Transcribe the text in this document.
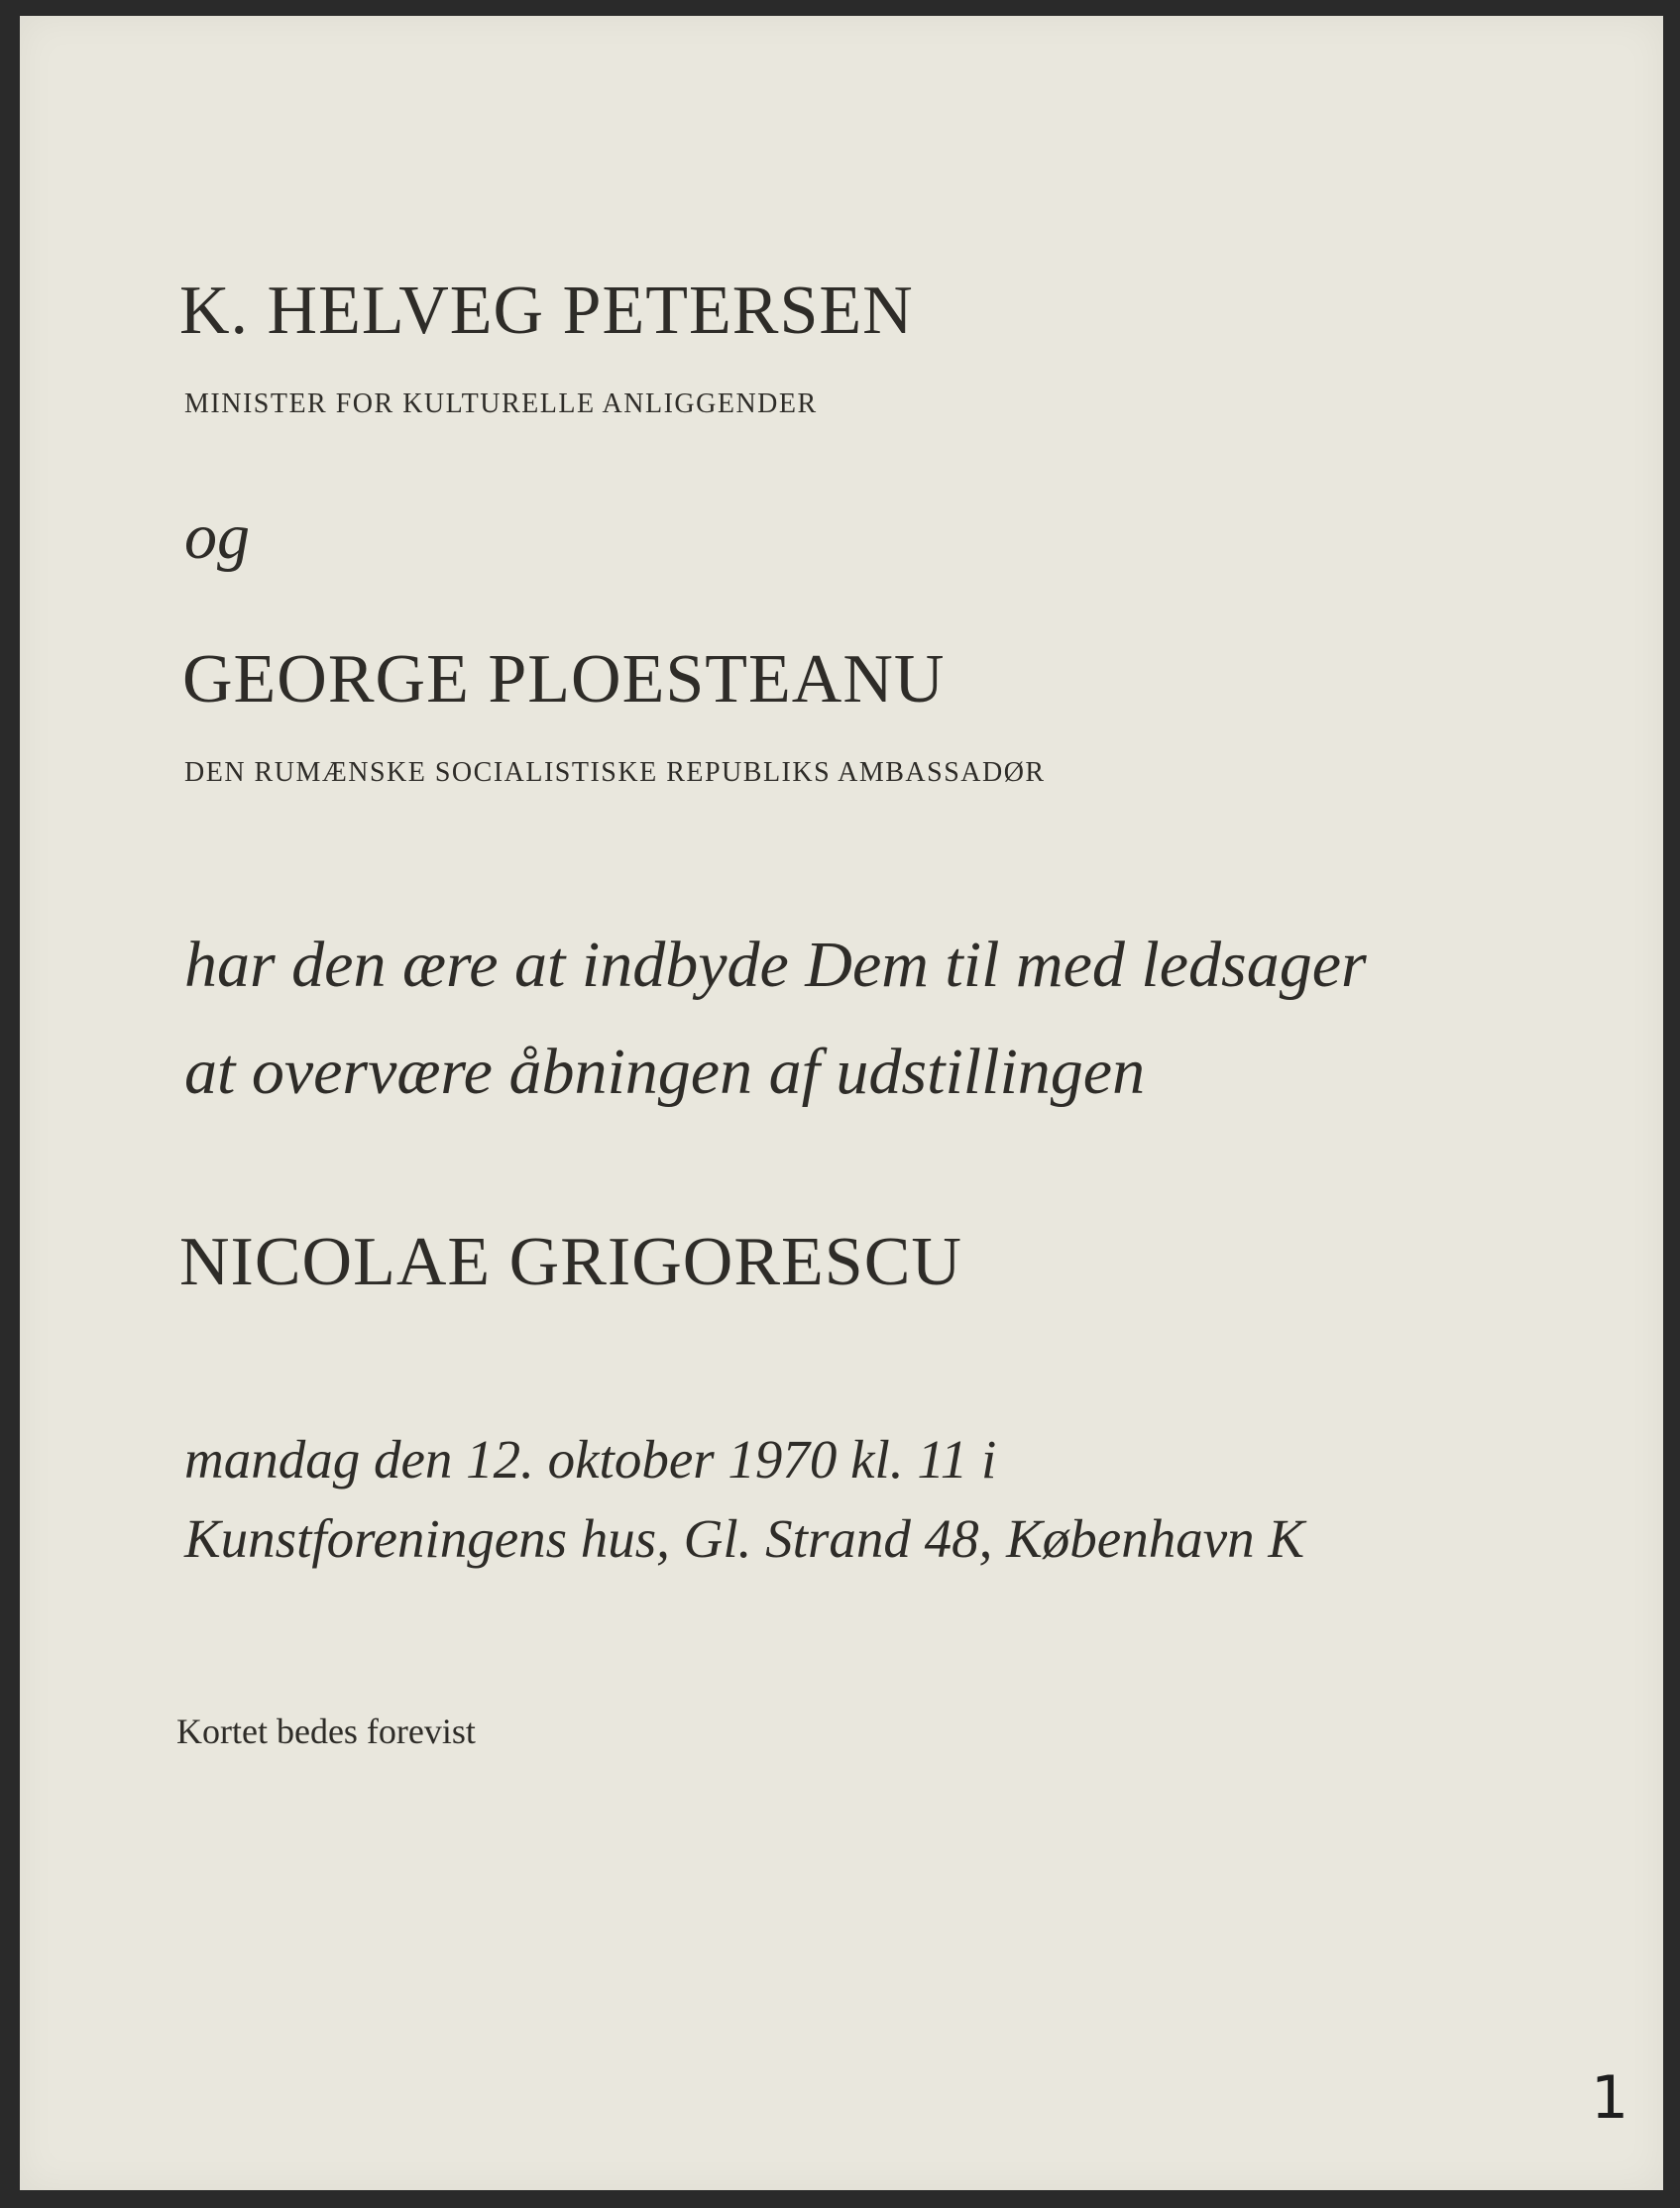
K. HELVEG PETERSEN

MINISTER FOR KULTURELLE ANLIGGENDER

og

GEORGE PLOESTEANU

DEN RUMÆNSKE SOCIALISTISKE REPUBLIKS AMBASSADØR

har den ære at indbyde Dem til med ledsager

at overvære åbningen af udstillingen

NICOLAE GRIGORESCU

mandag den 12. oktober 1970 kl. 11 i

Kunstforeningens hus, Gl. Strand 48, København K

Kortet bedes forevist

1
